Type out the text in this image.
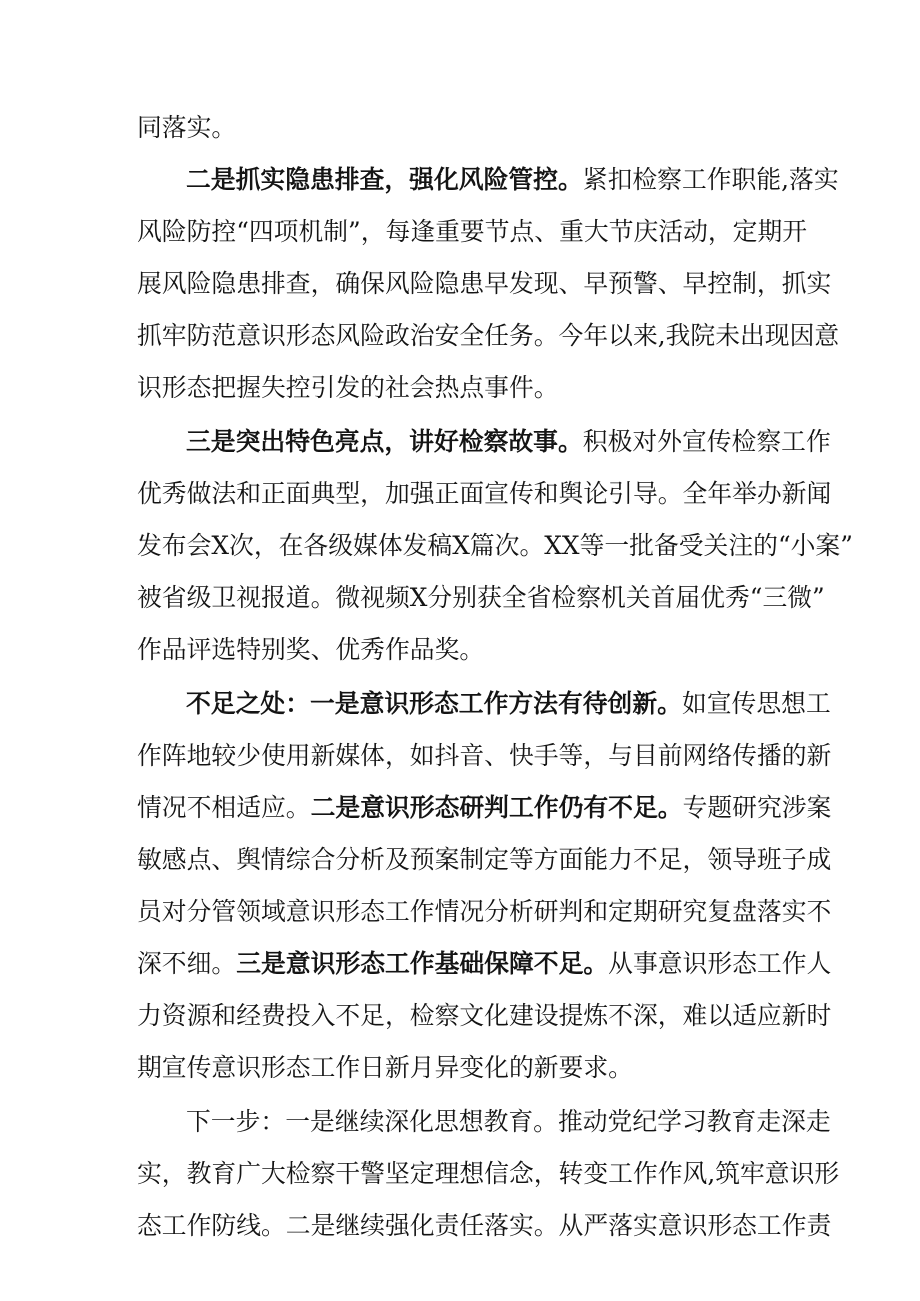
同落实。
二是抓实隐患排查，强化风险管控。紧扣检察工作职能,落实
风险防控“四项机制”，每逢重要节点、重大节庆活动，定期开
展风险隐患排查，确保风险隐患早发现、早预警、早控制，抓实
抓牢防范意识形态风险政治安全任务。今年以来,我院未出现因意
识形态把握失控引发的社会热点事件。
三是突出特色亮点，讲好检察故事。积极对外宣传检察工作
优秀做法和正面典型，加强正面宣传和舆论引导。全年举办新闻
发布会X次，在各级媒体发稿X篇次。XX等一批备受关注的“小案”
被省级卫视报道。微视频X分别获全省检察机关首届优秀“三微”
作品评选特别奖、优秀作品奖。
不足之处：一是意识形态工作方法有待创新。如宣传思想工
作阵地较少使用新媒体，如抖音、快手等，与目前网络传播的新
情况不相适应。二是意识形态研判工作仍有不足。专题研究涉案
敏感点、舆情综合分析及预案制定等方面能力不足，领导班子成
员对分管领域意识形态工作情况分析研判和定期研究复盘落实不
深不细。三是意识形态工作基础保障不足。从事意识形态工作人
力资源和经费投入不足，检察文化建设提炼不深，难以适应新时
期宣传意识形态工作日新月异变化的新要求。
下一步：一是继续深化思想教育。推动党纪学习教育走深走
实，教育广大检察干警坚定理想信念，转变工作作风,筑牢意识形
态工作防线。二是继续强化责任落实。从严落实意识形态工作责
